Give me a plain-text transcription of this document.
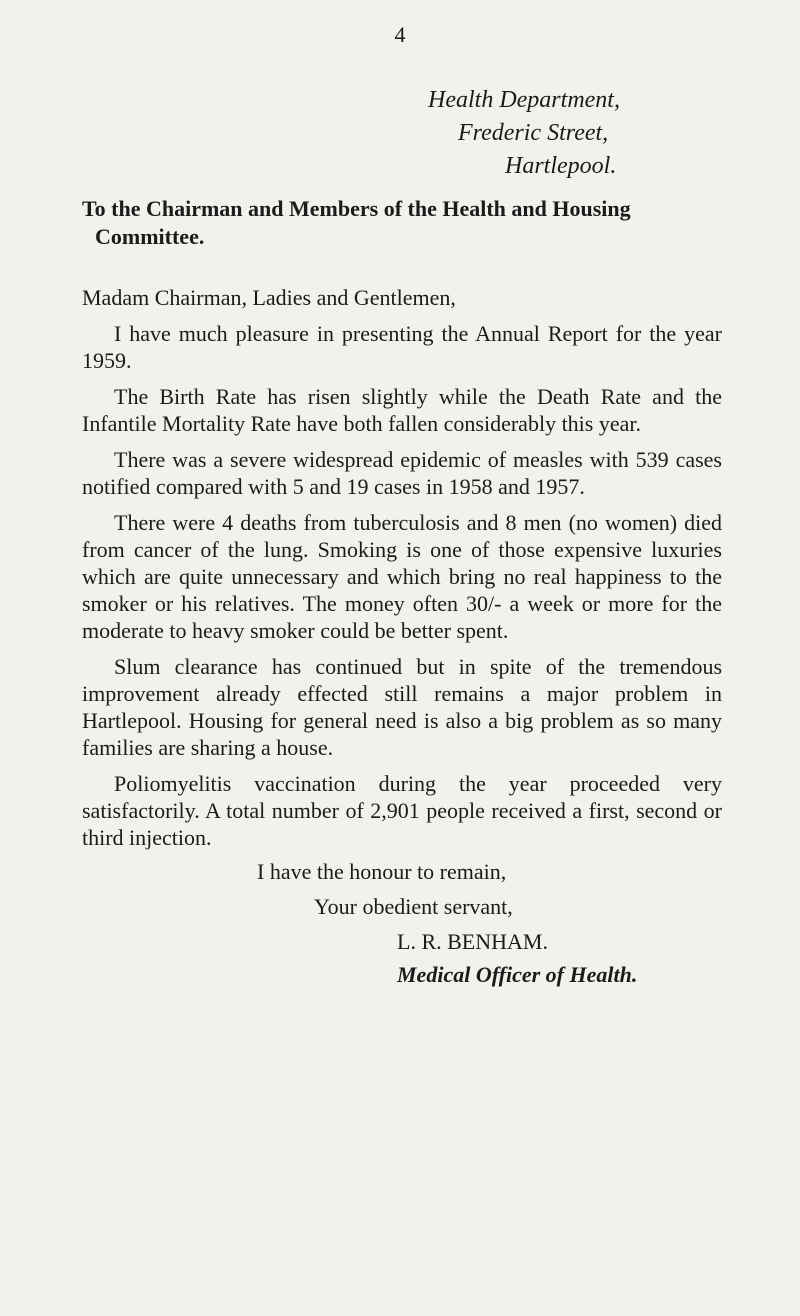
4
Health Department,
Frederic Street,
Hartlepool.
To the Chairman and Members of the Health and Housing
Committee.

Madam Chairman, Ladies and Gentlemen,

I have much pleasure in presenting the Annual Report for the year 1959.

The Birth Rate has risen slightly while the Death Rate and the Infantile Mortality Rate have both fallen considerably this year.

There was a severe widespread epidemic of measles with 539 cases notified compared with 5 and 19 cases in 1958 and 1957.

There were 4 deaths from tuberculosis and 8 men (no women) died from cancer of the lung. Smoking is one of those expensive luxuries which are quite unnecessary and which bring no real happiness to the smoker or his relatives. The money often 30/- a week or more for the moderate to heavy smoker could be better spent.

Slum clearance has continued but in spite of the tremendous improvement already effected still remains a major problem in Hartlepool. Housing for general need is also a big problem as so many families are sharing a house.

Poliomyelitis vaccination during the year proceeded very satisfactorily. A total number of 2,901 people received a first, second or third injection.

I have the honour to remain,
Your obedient servant,
L. R. BENHAM.
Medical Officer of Health.
